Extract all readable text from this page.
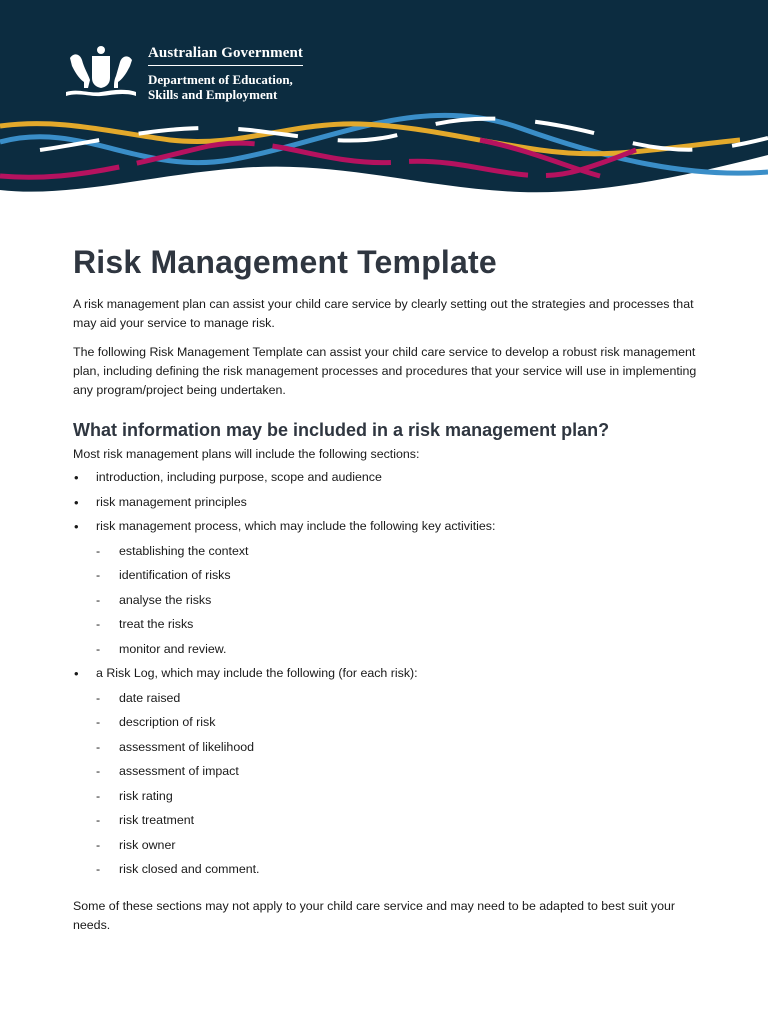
Australian Government
Department of Education,
Skills and Employment
Risk Management Template

A risk management plan can assist your child care service by clearly setting out the strategies and processes that may aid your service to manage risk.

The following Risk Management Template can assist your child care service to develop a robust risk management plan, including defining the risk management processes and procedures that your service will use in implementing any program/project being undertaken.

What information may be included in a risk management plan?

Most risk management plans will include the following sections:

• introduction, including purpose, scope and audience
• risk management principles
• risk management process, which may include the following key activities:
- establishing the context
- identification of risks
- analyse the risks
- treat the risks
- monitor and review.
• a Risk Log, which may include the following (for each risk):
- date raised
- description of risk
- assessment of likelihood
- assessment of impact
- risk rating
- risk treatment
- risk owner
- risk closed and comment.

Some of these sections may not apply to your child care service and may need to be adapted to best suit your needs.
